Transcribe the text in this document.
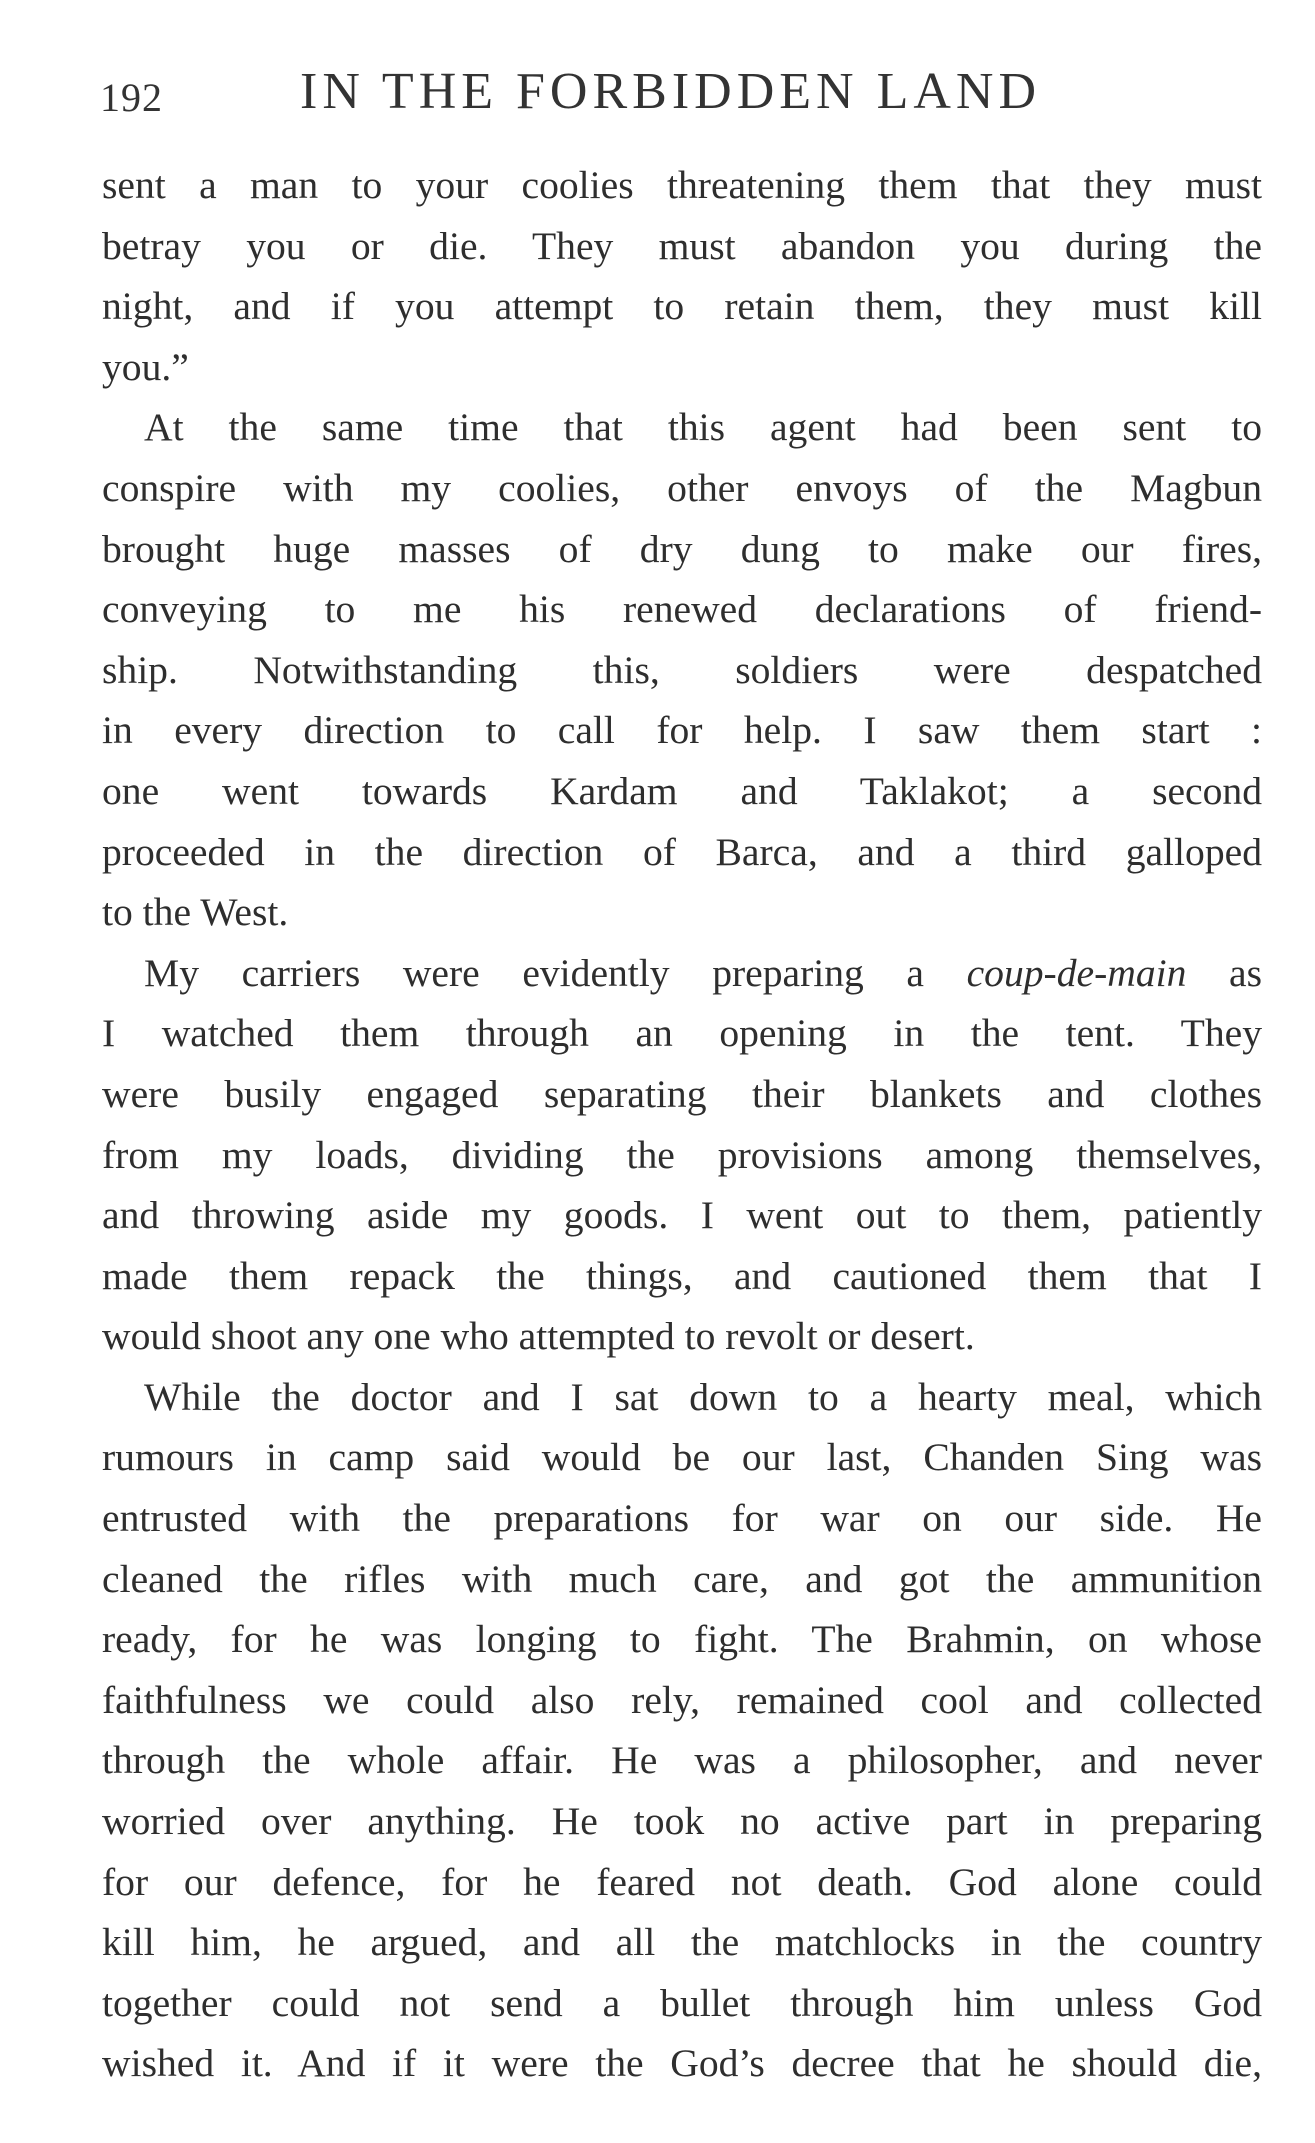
192	IN THE FORBIDDEN LAND
sent a man to your coolies threatening them that they must
betray you or die. They must abandon you during the
night, and if you attempt to retain them, they must kill
you.”
At the same time that this agent had been sent to
conspire with my coolies, other envoys of the Magbun
brought huge masses of dry dung to make our fires,
conveying to me his renewed declarations of friend-
ship. Notwithstanding this, soldiers were despatched
in every direction to call for help. I saw them start :
one went towards Kardam and Taklakot; a second
proceeded in the direction of Barca, and a third galloped
to the West.
My carriers were evidently preparing a coup-de-main as
I watched them through an opening in the tent. They
were busily engaged separating their blankets and clothes
from my loads, dividing the provisions among themselves,
and throwing aside my goods. I went out to them, patiently
made them repack the things, and cautioned them that I
would shoot any one who attempted to revolt or desert.
While the doctor and I sat down to a hearty meal, which
rumours in camp said would be our last, Chanden Sing was
entrusted with the preparations for war on our side. He
cleaned the rifles with much care, and got the ammunition
ready, for he was longing to fight. The Brahmin, on whose
faithfulness we could also rely, remained cool and collected
through the whole affair. He was a philosopher, and never
worried over anything. He took no active part in preparing
for our defence, for he feared not death. God alone could
kill him, he argued, and all the matchlocks in the country
together could not send a bullet through him unless God
wished it. And if it were the God’s decree that he should die,
